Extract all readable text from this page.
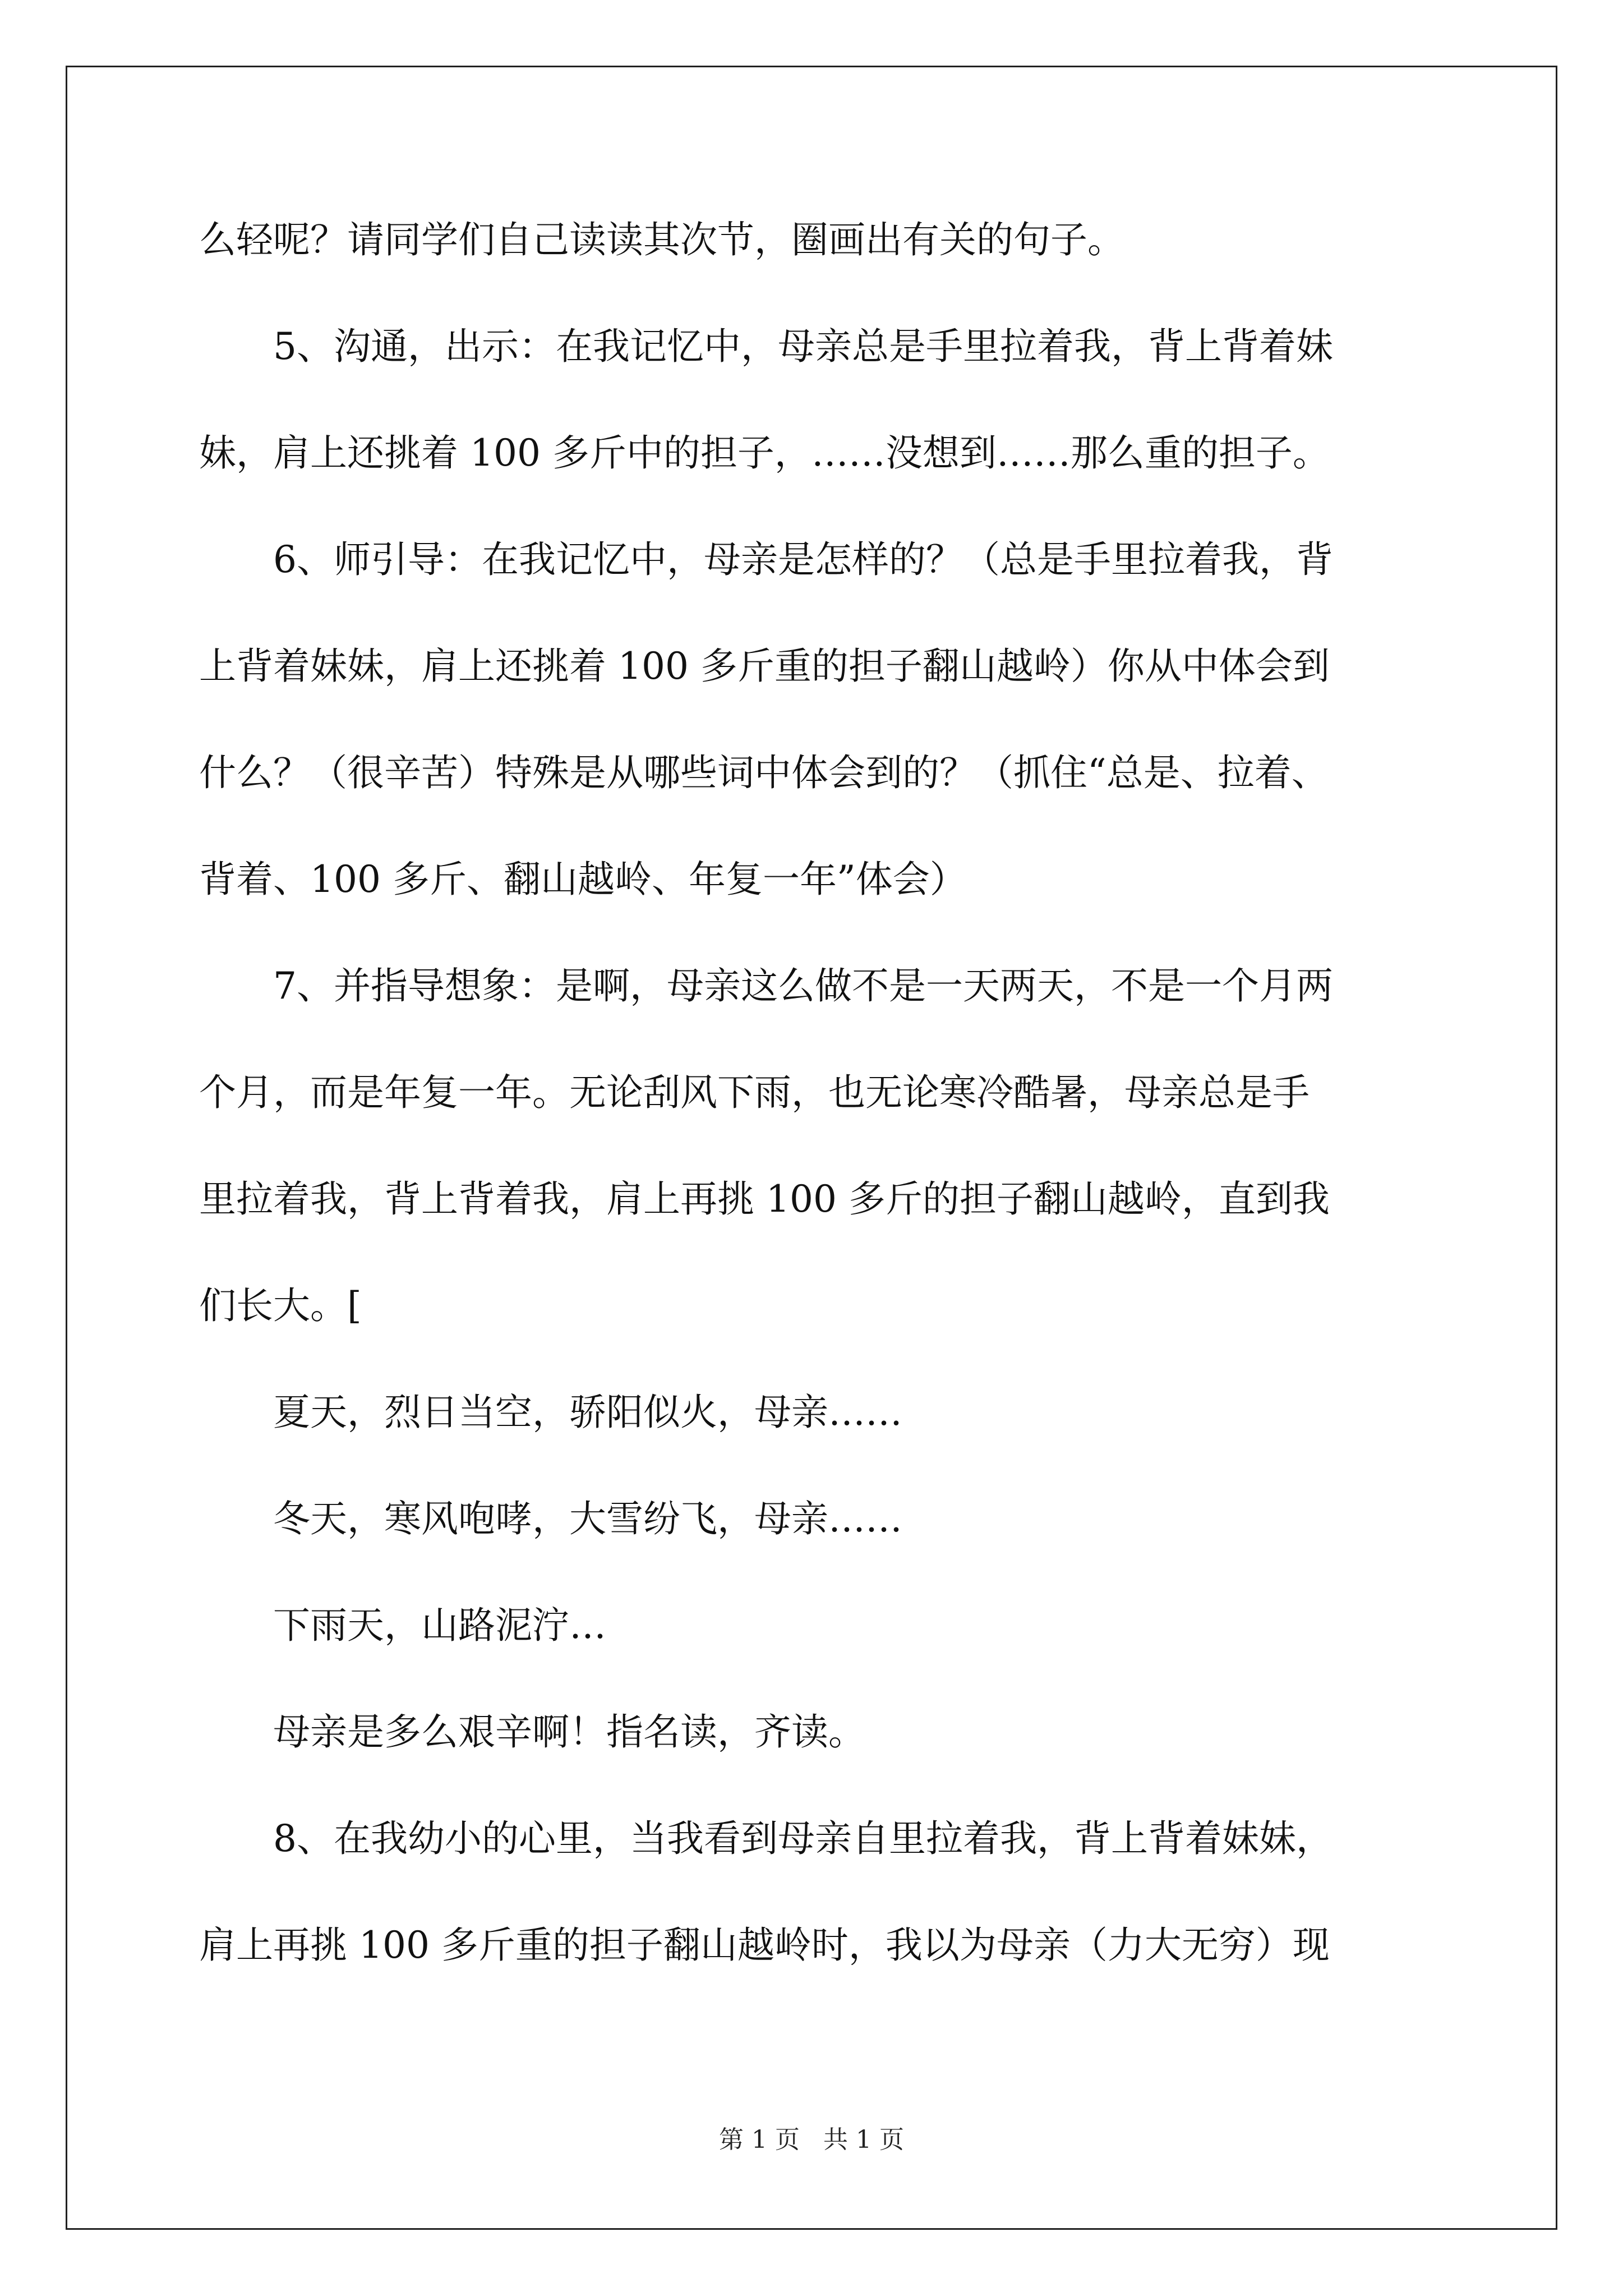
么轻呢？请同学们自己读读其次节，圈画出有关的句子。
　　5、沟通，出示：在我记忆中，母亲总是手里拉着我，背上背着妹
妹，肩上还挑着 100 多斤中的担子，……没想到……那么重的担子。
　　6、师引导：在我记忆中，母亲是怎样的？（总是手里拉着我，背
上背着妹妹，肩上还挑着 100 多斤重的担子翻山越岭）你从中体会到
什么？（很辛苦）特殊是从哪些词中体会到的？（抓住“总是、拉着、
背着、100 多斤、翻山越岭、年复一年”体会）
　　7、并指导想象：是啊，母亲这么做不是一天两天，不是一个月两
个月，而是年复一年。无论刮风下雨，也无论寒冷酷暑，母亲总是手
里拉着我，背上背着我，肩上再挑 100 多斤的担子翻山越岭，直到我
们长大。[
　　夏天，烈日当空，骄阳似火，母亲……
　　冬天，寒风咆哮，大雪纷飞，母亲……
　　下雨天，山路泥泞…
　　母亲是多么艰辛啊！指名读，齐读。
　　8、在我幼小的心里，当我看到母亲自里拉着我，背上背着妹妹，
肩上再挑 100 多斤重的担子翻山越岭时，我以为母亲（力大无穷）现
第 1 页   共 1 页
